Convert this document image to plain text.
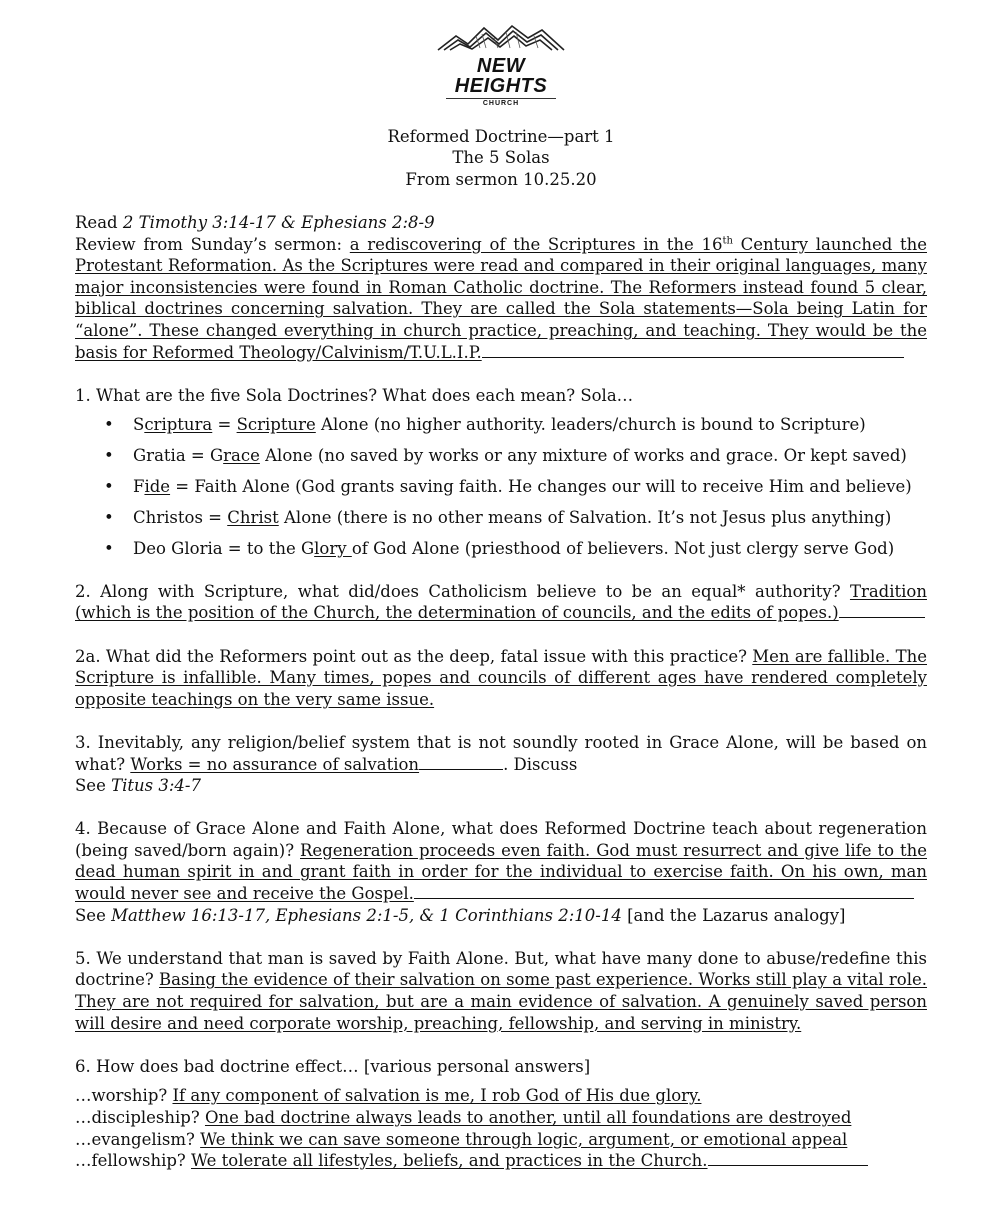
NEW HEIGHTS
CHURCH
Reformed Doctrine—part 1
The 5 Solas
From sermon 10.25.20

Read 2 Timothy 3:14-17 & Ephesians 2:8-9

Review from Sunday’s sermon: a rediscovering of the Scriptures in the 16th Century launched the Protestant Reformation. As the Scriptures were read and compared in their original languages, many major inconsistencies were found in Roman Catholic doctrine. The Reformers instead found 5 clear, biblical doctrines concerning salvation. They are called the Sola statements—Sola being Latin for “alone”. These changed everything in church practice, preaching, and teaching. They would be the basis for Reformed Theology/Calvinism/T.U.L.I.P.

1. What are the five Sola Doctrines? What does each mean? Sola…

• Scriptura = Scripture Alone (no higher authority. leaders/church is bound to Scripture)
• Gratia = Grace Alone (no saved by works or any mixture of works and grace. Or kept saved)
• Fide = Faith Alone (God grants saving faith. He changes our will to receive Him and believe)
• Christos = Christ Alone (there is no other means of Salvation. It’s not Jesus plus anything)
• Deo Gloria = to the Glory of God Alone (priesthood of believers. Not just clergy serve God)

2. Along with Scripture, what did/does Catholicism believe to be an equal* authority? Tradition (which is the position of the Church, the determination of councils, and the edits of popes.)

2a. What did the Reformers point out as the deep, fatal issue with this practice? Men are fallible. The Scripture is infallible. Many times, popes and councils of different ages have rendered completely opposite teachings on the very same issue.

3. Inevitably, any religion/belief system that is not soundly rooted in Grace Alone, will be based on what? Works = no assurance of salvation	. Discuss

See Titus 3:4-7

4. Because of Grace Alone and Faith Alone, what does Reformed Doctrine teach about regeneration (being saved/born again)? Regeneration proceeds even faith. God must resurrect and give life to the dead human spirit in and grant faith in order for the individual to exercise faith. On his own, man would never see and receive the Gospel.

See Matthew 16:13-17, Ephesians 2:1-5, & 1 Corinthians 2:10-14 [and the Lazarus analogy]

5. We understand that man is saved by Faith Alone. But, what have many done to abuse/redefine this doctrine? Basing the evidence of their salvation on some past experience. Works still play a vital role. They are not required for salvation, but are a main evidence of salvation. A genuinely saved person will desire and need corporate worship, preaching, fellowship, and serving in ministry.

6. How does bad doctrine effect… [various personal answers]

…worship? If any component of salvation is me, I rob God of His due glory.

…discipleship? One bad doctrine always leads to another, until all foundations are destroyed

…evangelism? We think we can save someone through logic, argument, or emotional appeal

…fellowship? We tolerate all lifestyles, beliefs, and practices in the Church.
